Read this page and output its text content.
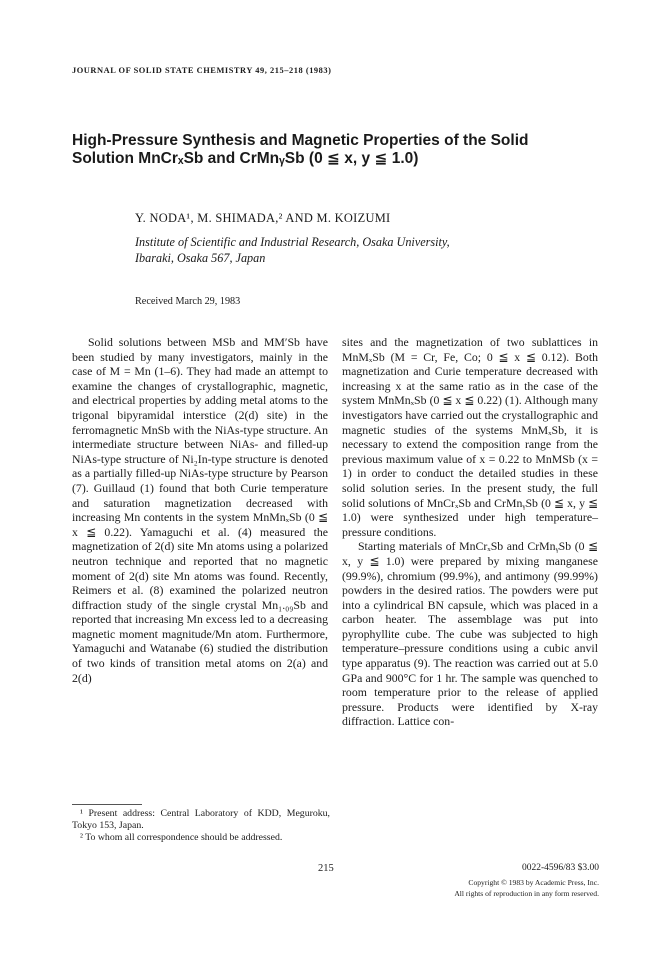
JOURNAL OF SOLID STATE CHEMISTRY 49, 215–218 (1983)
High-Pressure Synthesis and Magnetic Properties of the Solid
Solution MnCrₓSb and CrMnᵧSb (0 ≦ x, y ≦ 1.0)
Y. NODA¹, M. SHIMADA,² AND M. KOIZUMI
Institute of Scientific and Industrial Research, Osaka University,
Ibaraki, Osaka 567, Japan
Received March 29, 1983

Solid solutions between MSb and MM′Sb have been studied by many investigators, mainly in the case of M = Mn (1–6). They had made an attempt to examine the changes of crystallographic, magnetic, and electrical properties by adding metal atoms to the trigonal bipyramidal interstice (2(d) site) in the ferromagnetic MnSb with the NiAs-type structure. An intermediate structure between NiAs- and filled-up NiAs-type structure of Ni₂In-type structure is denoted as a partially filled-up NiAs-type structure by Pearson (7). Guillaud (1) found that both Curie temperature and saturation magnetization decreased with increasing Mn contents in the system MnMnₓSb (0 ≦ x ≦ 0.22). Yamaguchi et al. (4) measured the magnetization of 2(d) site Mn atoms using a polarized neutron technique and reported that no magnetic moment of 2(d) site Mn atoms was found. Recently, Reimers et al. (8) examined the polarized neutron diffraction study of the single crystal Mn₁.₀₉Sb and reported that increasing Mn excess led to a decreasing magnetic moment magnitude/Mn atom. Furthermore, Yamaguchi and Watanabe (6) studied the distribution of two kinds of transition metal atoms on 2(a) and 2(d)

¹ Present address: Central Laboratory of KDD, Meguroku, Tokyo 153, Japan.

² To whom all correspondence should be addressed.

sites and the magnetization of two sublattices in MnMₓSb (M = Cr, Fe, Co; 0 ≦ x ≦ 0.12). Both magnetization and Curie temperature decreased with increasing x at the same ratio as in the case of the system MnMnₓSb (0 ≦ x ≦ 0.22) (1). Although many investigators have carried out the crystallographic and magnetic studies of the systems MnMₓSb, it is necessary to extend the composition range from the previous maximum value of x = 0.22 to MnMSb (x = 1) in order to conduct the detailed studies in these solid solution series. In the present study, the full solid solutions of MnCrₓSb and CrMnᵧSb (0 ≦ x, y ≦ 1.0) were synthesized under high temperature–pressure conditions.

Starting materials of MnCrₓSb and CrMnᵧSb (0 ≦ x, y ≦ 1.0) were prepared by mixing manganese (99.9%), chromium (99.9%), and antimony (99.99%) powders in the desired ratios. The powders were put into a cylindrical BN capsule, which was placed in a carbon heater. The assemblage was put into pyrophyllite cube. The cube was subjected to high temperature–pressure conditions using a cubic anvil type apparatus (9). The reaction was carried out at 5.0 GPa and 900°C for 1 hr. The sample was quenched to room temperature prior to the release of applied pressure. Products were identified by X-ray diffraction. Lattice con-

215	0022-4596/83 $3.00
Copyright © 1983 by Academic Press, Inc.
All rights of reproduction in any form reserved.
